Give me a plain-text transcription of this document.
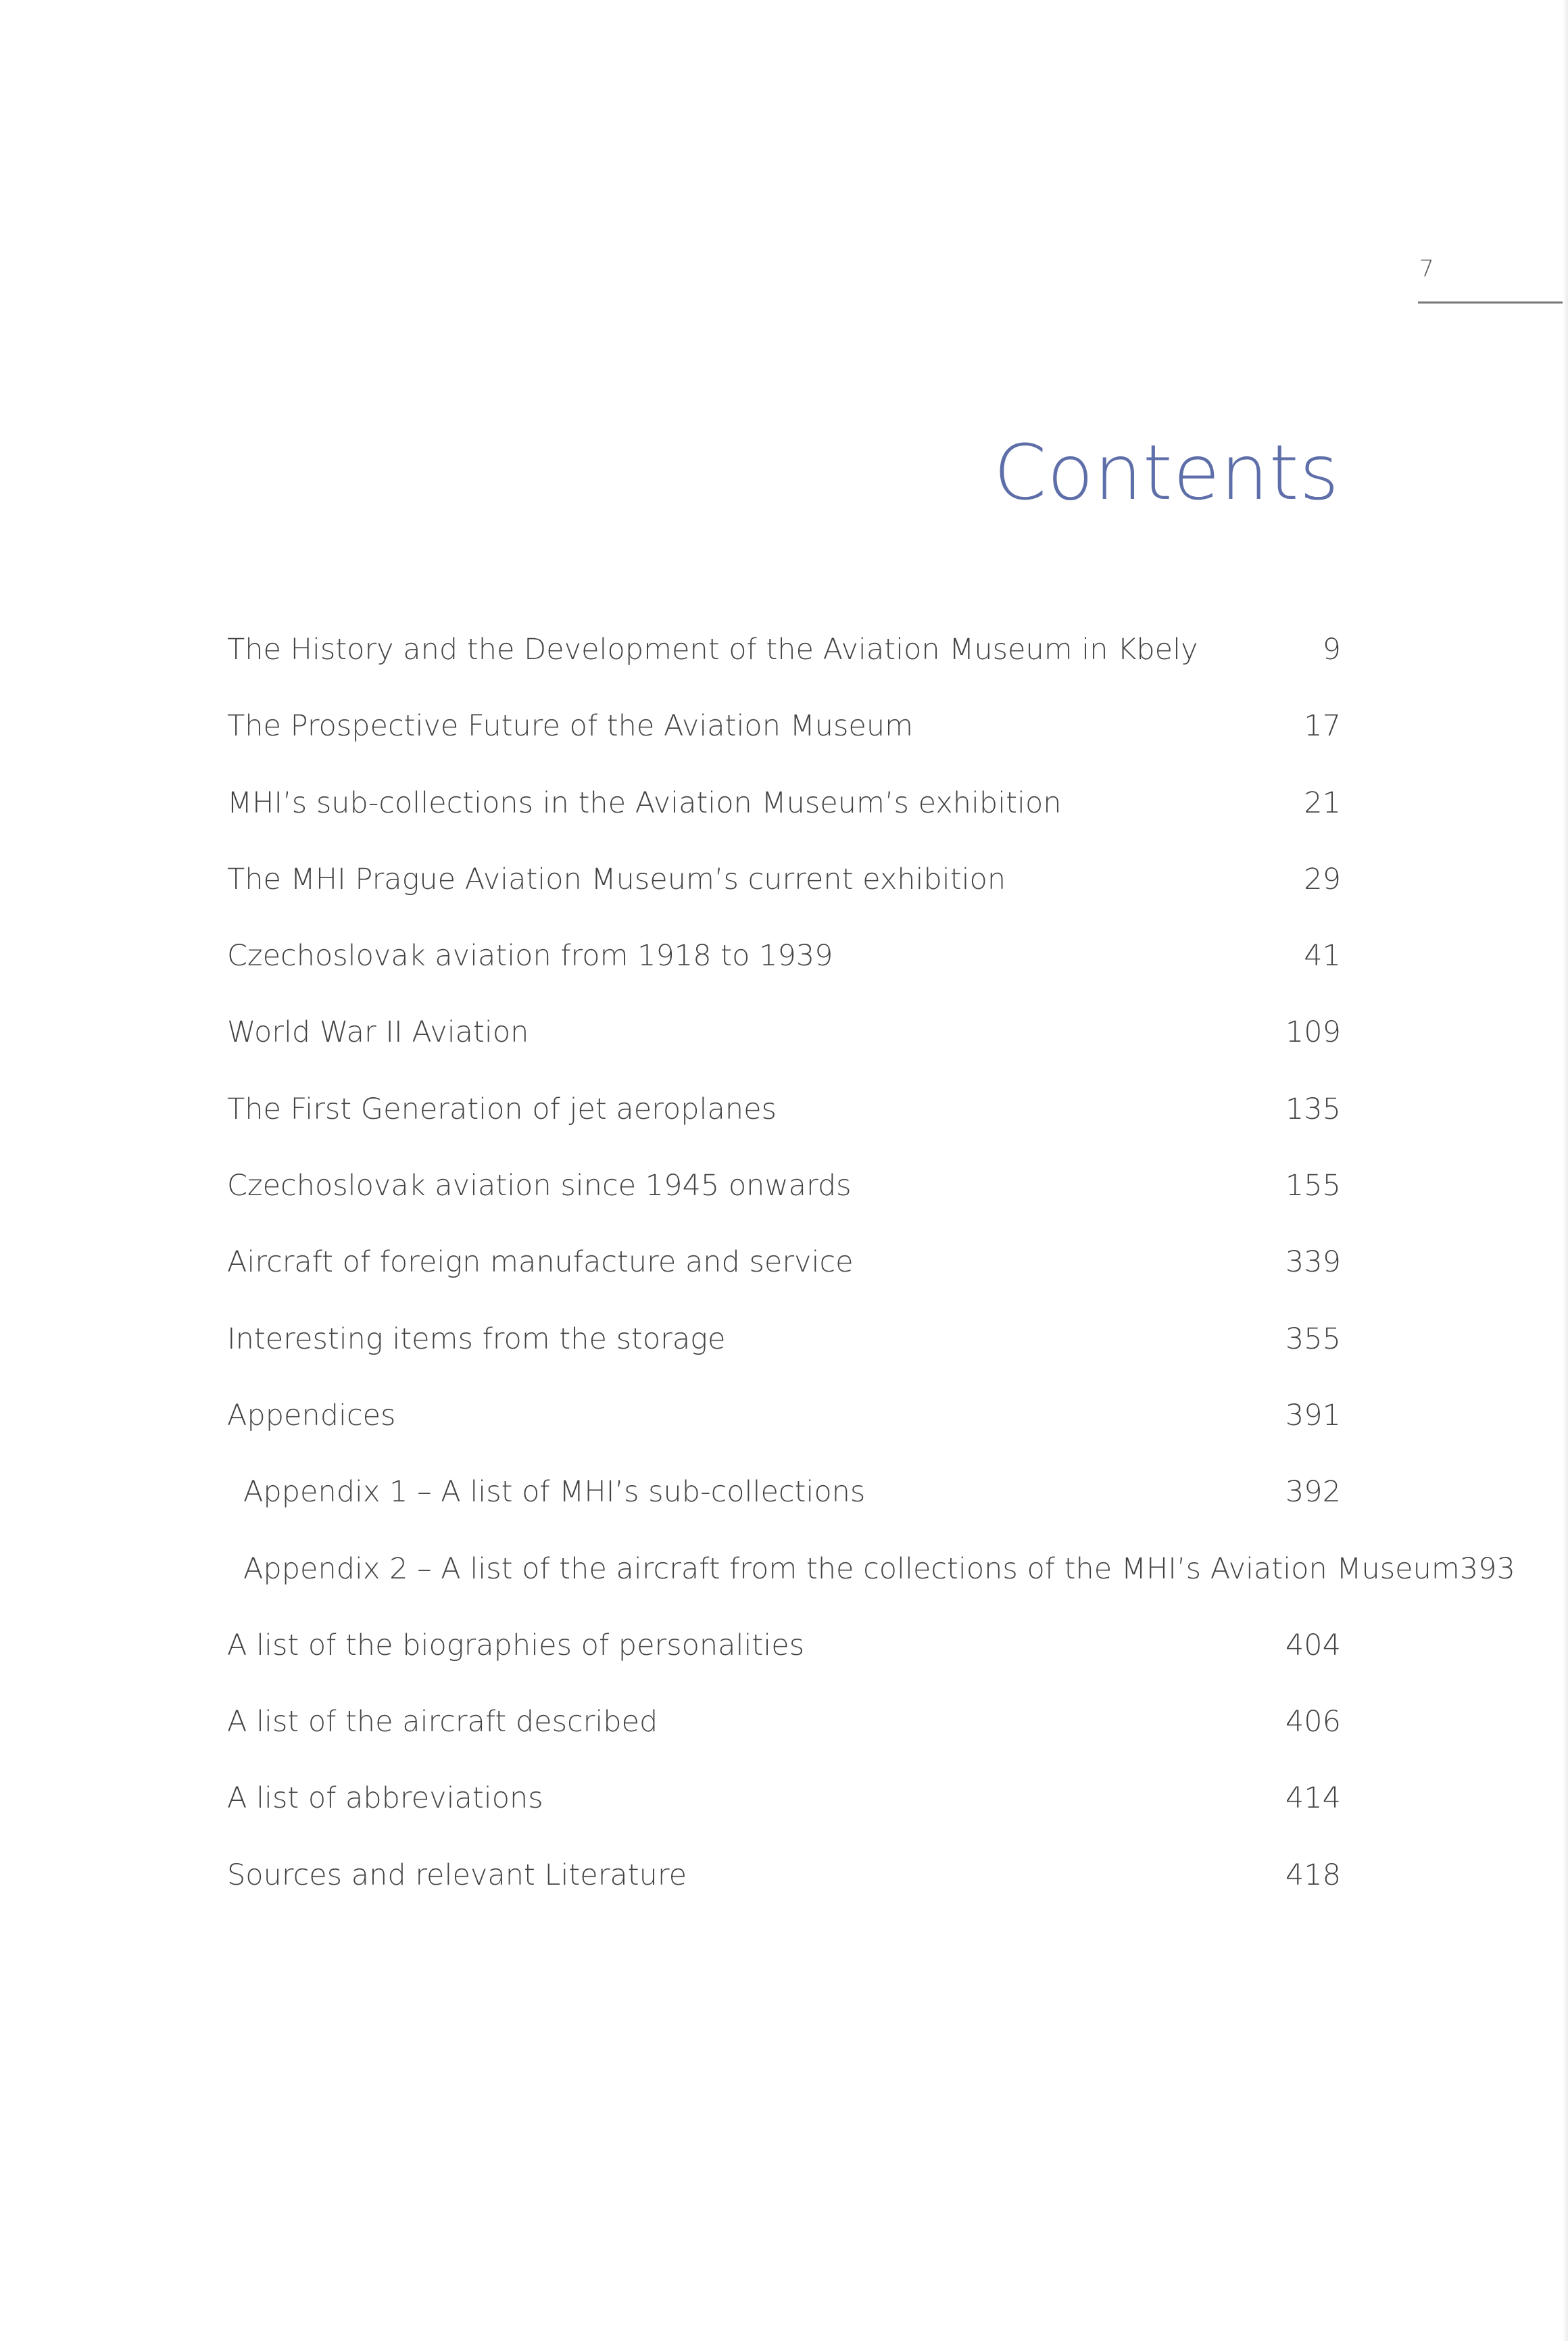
7
Contents
The History and the Development of the Aviation Museum in Kbely	9
The Prospective Future of the Aviation Museum	17
MHI’s sub-collections in the Aviation Museum’s exhibition	21
The MHI Prague Aviation Museum’s current exhibition	29
Czechoslovak aviation from 1918 to 1939	41
World War II Aviation	109
The First Generation of jet aeroplanes	135
Czechoslovak aviation since 1945 onwards	155
Aircraft of foreign manufacture and service	339
Interesting items from the storage	355
Appendices	391
Appendix 1 – A list of MHI’s sub-collections	392
Appendix 2 – A list of the aircraft from the collections of the MHI’s Aviation Museum 393
A list of the biographies of personalities	404
A list of the aircraft described	406
A list of abbreviations	414
Sources and relevant Literature	418
